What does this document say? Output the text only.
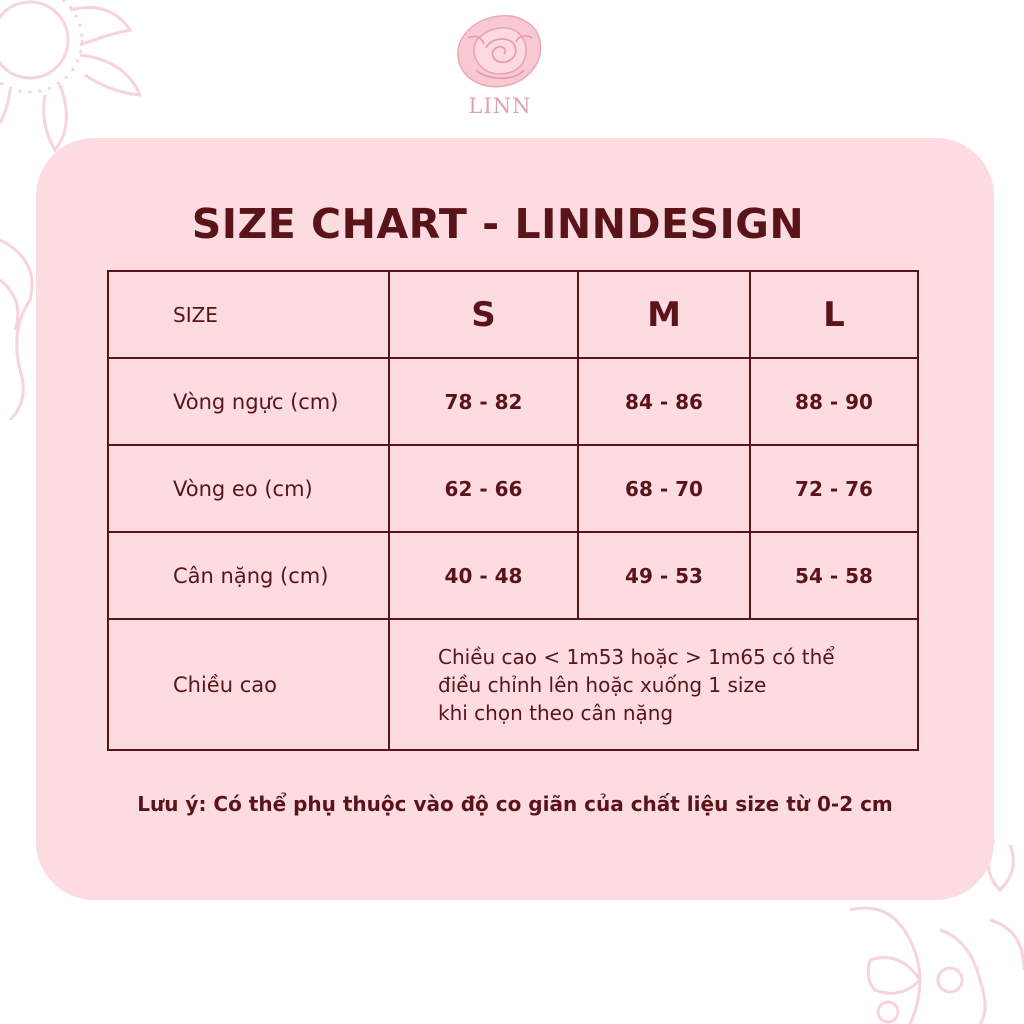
LINN
SIZE CHART - LINNDESIGN
SIZE	S	M	L
Vòng ngực (cm)	78 - 82	84 - 86	88 - 90
Vòng eo (cm)	62 - 66	68 - 70	72 - 76
Cân nặng (cm)	40 - 48	49 - 53	54 - 58
Chiều cao	Chiều cao < 1m53 hoặc > 1m65 có thể
điều chỉnh lên hoặc xuống 1 size
khi chọn theo cân nặng		

Lưu ý: Có thể phụ thuộc vào độ co giãn của chất liệu size từ 0-2 cm
